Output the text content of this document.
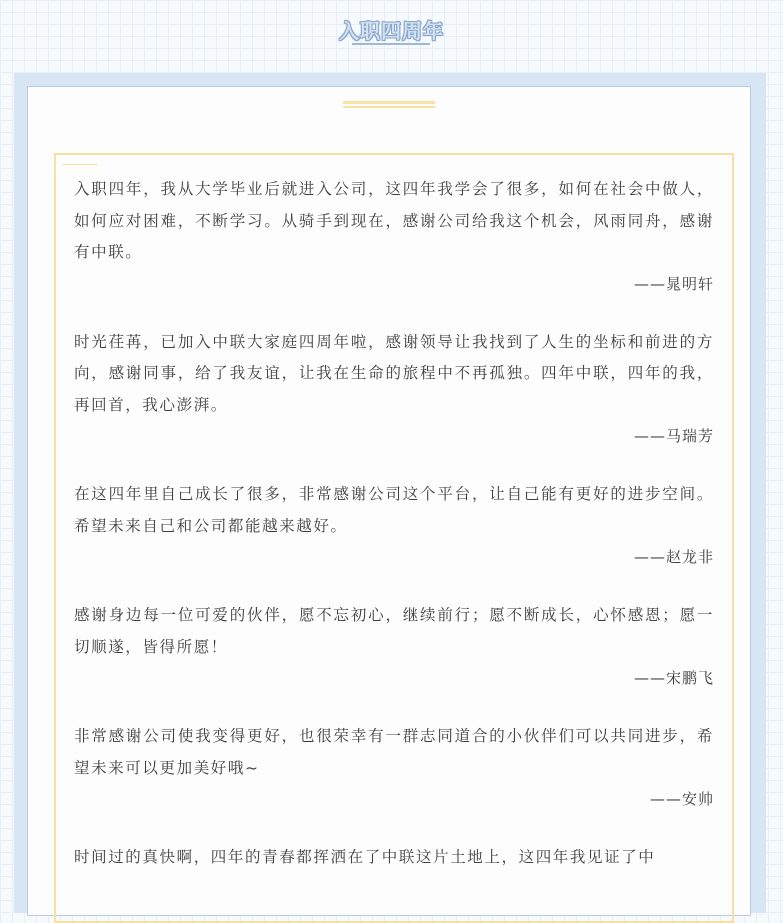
入职四周年

入职四年，我从大学毕业后就进入公司，这四年我学会了很多，如何在社会中做人，如何应对困难，不断学习。从骑手到现在，感谢公司给我这个机会，风雨同舟，感谢有中联。

——晁明轩

时光荏苒，已加入中联大家庭四周年啦，感谢领导让我找到了人生的坐标和前进的方向，感谢同事，给了我友谊，让我在生命的旅程中不再孤独。四年中联，四年的我，再回首，我心澎湃。

——马瑞芳

在这四年里自己成长了很多，非常感谢公司这个平台，让自己能有更好的进步空间。希望未来自己和公司都能越来越好。

——赵龙非

感谢身边每一位可爱的伙伴，愿不忘初心，继续前行；愿不断成长，心怀感恩；愿一切顺遂，皆得所愿！

——宋鹏飞

非常感谢公司使我变得更好，也很荣幸有一群志同道合的小伙伴们可以共同进步，希望未来可以更加美好哦~

——安帅

时间过的真快啊，四年的青春都挥洒在了中联这片土地上，这四年我见证了中
